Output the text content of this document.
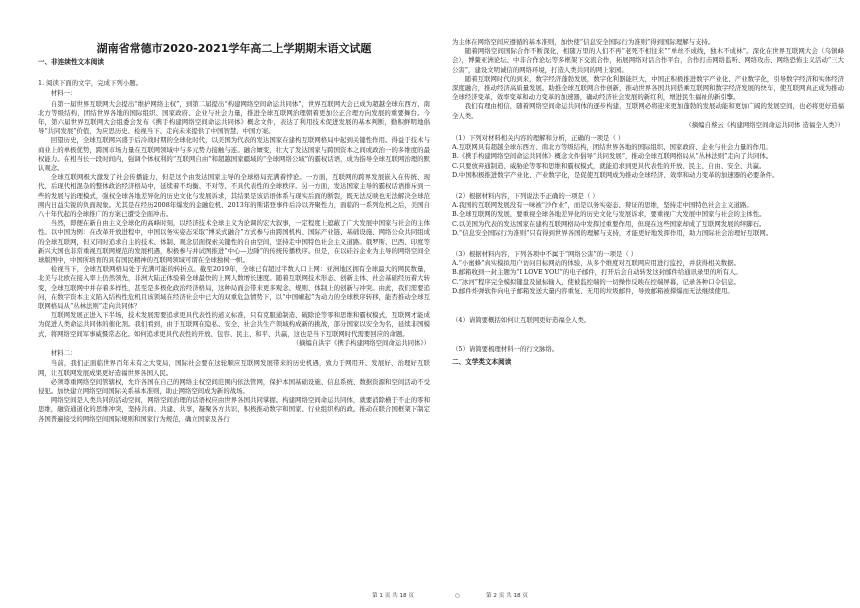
湖南省常德市2020-2021学年高二上学期期末语文试题
一、非连续性文本阅读

1. 阅读下面的文字，完成下列小题。

材料一：

自第一届世界互联网大会提出“维护网络主权”，到第二届提出“构建网络空间命运共同体”，世界互联网大会已成为超越全球东西方、南北方等级结构，团结世界各地的国际组织、国家政府、企业与社会力量，推进全球互联网治理朝着更加公正合理方向发展的重要舞台。今年，第六届世界互联网大会组委会发布《携手构建网络空间命运共同体》概念文件，表达了利用技术促进发展的基本判断，勤积鲜明地倡导“共同发展”价值，为应思历史、检视当下、走向未来提供了中国智慧、中国方案。

回望历史，全球互联网兴盛于后冷战时期的全球化时代，以美国为代表的发达国家在建构互联网格局中起到关键性作用。得益于技术与商业上的单极优势，跨国市场力量在互联网领域中与多元势力接触与连。融合嬗变，壮大了发达国家与跨国资本之间或政治一的多维度的最权能力。在相当长一段时间内，强调个体权利的“互联网自由”和超越国家疆域的“全球网络公域”的霸权话语，成为指导全球互联网治理的默认观念。

全球互联网极大激发了社会传播能力，但是这个由发达国家主导的全球格局充满着悖论。一方面，互联网的跨界发展嵌入在传统、现代、后现代相混杂的整体政治经济格局中，延续着不均衡、不对等、不具代表性的全球秩序。另一方面，发达国家主导的霸权话语排斥到一些的发展与治理模式，强权全球各地差异化的历史文化与发展诉求，其结果是该话语体系与现实后面的断裂，既无法反映也无法解决全球范围内日益尖锐的负面现象。尤其是在经历2008年爆发的金融危机、2013年的斯诺登事件后冷以齐聚性力，面临的一系列危机之后，美国自八十年代起的全球推广的方案已遭受全面冲击。

当然，即便在新自由主义全球化的高峰时刻，以经济技术全球主义为论调的宏大叙事，一定程度上遮蔽了广大发展中国家与社会的主体性。以中国为例：在改革开放进程中，中国以务实姿态采取“博采式融合”方式参与由跨国机构、国际产业链、基础设施、网络公众共同组成的全球互联网，但又同时追求自主的技术、体制、观念层面探索关键性的自由空间，坚持走中国特色社会主义道路。俄罗斯、巴西、印度等新兴大国也非常重视互联网规范的发展机遇，积极参与并试图推进“中心—边陲”的传统传播秩序。但是，在以硅谷企业为主导的网络空间全球版图中，中国所培育的具有国民精神的互联网领域可谓在全球独树一帜。

检视当下，全球互联网格局处于充满可能的转折点。截至2019年，全球已有超过半数人口上网：亚洲地区拥有全球最大的网民数量，北美与北欧在接入率上仍然领先，非洲大陆正体验着全球最快的上网人数增长速度。随着互联网技术形态、创新主体、社会基础经历着大转变，全球互联网中并存着多样性，甚至是多极化政治经济格局，这种局面会带来更多观念、规则、体制上的创新与冲突。由此，我们需要追问，在数字资本主义陷入结构性危机且该领域在经济社会中已大的双重危急情势下，以“中国崛起”为动力的全球秩序转移，能否推动全球互联网格局从“丛林法则”走向共同体？

互联网发展正进入下半场，技术发展需要追求更具代表性的道义标准，只有克服通制造、破除论等零和思维和霸权模式，互联网才能成为促进人类命运共同体的催化剂。我们看到，由于互联网在隐私、安全、社会共生产领域构成新的挑战，部分国家以安全为名，延续非国模式，将网络空间军事威慑常态化。如何追求更具代表性的开放、包容、民主、和平、共赢，这也是当下互联网时代需要回应的命题。

（摘编自洪宇《携手构建网络空间命运共同体》）

材料二：

当前，我们正面临世界百年未有之大变局，国际社会要在这轮顺应互联网发展带来的历史机遇，致力于网用开、发展好、治理好互联网，让互联网发展成果更好造福世界各国人民。

必须尊重网络空间管辖权，允许各国在自己的网络主权空间范围内依法管网，保护本国基础设施、信息系统、数据资源和空间活动不受侵犯。加快建立网络空间国际关系基本准则，助止网络空间成为新的战场。

网络空间是人类共同的活动空间，网络空间治理的话语权应由世界各国共同掌握。构建网络空间命运共同体，就要消除横于不止的零和思维，融资通道化的思维冲突，坚持共商、共建、共享，凝聚各方共识，积极推动数字和国家、行业组织构的政。推动在联合国框架下制定各国普遍接受的网络空间国际规则和国家行为规范，确立国家及各行

为主体在网络空间应遵循的基本准则，加快使“信息安全国际行为准则”得到国际理解与支持。

随着网络空间国际合作不断深化，相随万里的人们不再“老死不相往来”“单丝不成线，独木不成林”。深化在世界互联网大会（乌镇峰会），博鳌亚洲论坛、中非合作论坛等多框架下交流合作，拓展网络对话合作平台，合作打击网络监听、网络攻击、网络恐怖主义活动“三大公害”，建设文明诚信的网络环境，打造人类共同的网上家园。

随着互联网时代的到来，数字经济蓬勃发展，数字化利器能巨大，中国正积极推进数字产业化、产业数字化，引导数字经济和实体经济深度融合，推动经济高质量发展。助推全球互联网合作创新，推动世界各国共同搭乘互联网和数字经济发展的快车，使互联网真正成为推动全球经济变革、效率变革和动力变革的加速器，确动经济社会发展的新红利，增进民生福祉的新引擎。

我们有理由相信，随着网络空间命运共同体的逐步构建，互联网必将迎来更加蓬勃的发展动能和更加广阔的发展空间，也必将更好造福全人类。

（摘编自蔡云《构建网络空间命运共同体 造福全人类》）

（1）下列对材料相关内容的理解和分析，正确的一项是（ ）

A.互联网具有超越全球东西方、南北方等级结构，团结世界各地的国际组织、国家政府、企业与社会力量的作用。

B.《携手构建网络空间命运共同体》概念文件倡导“共同发展”，推动全球互联网格局从“丛林法则”走向了共同体。

C.只要放弃通制造、威胁论等零和思维和霸权模式，就能追求到更具代表性的开放、民主、自由、安全、共赢。

D.中国积极推进数字产业化、产业数字化，是促使互联网成为推动全球经济、效率和动力变革的加速器的必要条件。

（2）根据材料内容，下列说法不正确的一项是（ ）

A.我国的互联网发展没有一味被“沙作业”，而是以务实姿态、辩证的思维，坚持走中国特色社会主义道路。

B.全球互联网的发展，要重视全球各地差异化的历史文化与发展诉求，要重视广大发展中国家与社会的主体性。

C.以美国为代表的发达国家在建构互联网格局中发挥过重要作用，但现在这些国家却成了互联网发展的绊脚石。

D.“信息安全国际行为准则”只有得到世界各国的理解与支持，才能更好地发挥作用，助力国际社会治理好互联网。

（3）根据材料内容，下列各项中不属于“网络公害”的一项是（ ）

A.“小蜜蜂”真实模拟用户访问目标网站的体验，从多个维度对互联网应用进行监控，并获得相关数据。

B.邮箱收到一封主题为“I LOVE YOU”的电子邮件，打开后会自动转发这封邮件给通讯录里的所有人。

C.“冰河”程序完全模拟键盘及鼠标输入，使被监控端的一切操作反映在控端屏幕，记录各种口令信息。

D.邮件炸弹软件向电子邮箱发送大量内容重复、无用的垃圾邮件，导致邮箱被撑爆而无法继续使用。

（4）请简要概括如何让互联网更好造福全人类。

（5）请简要梳理材料一的行文脉络。

二、文学类文本阅读
第 1 页 共 18 页	○	第 2 页 共 18 页
